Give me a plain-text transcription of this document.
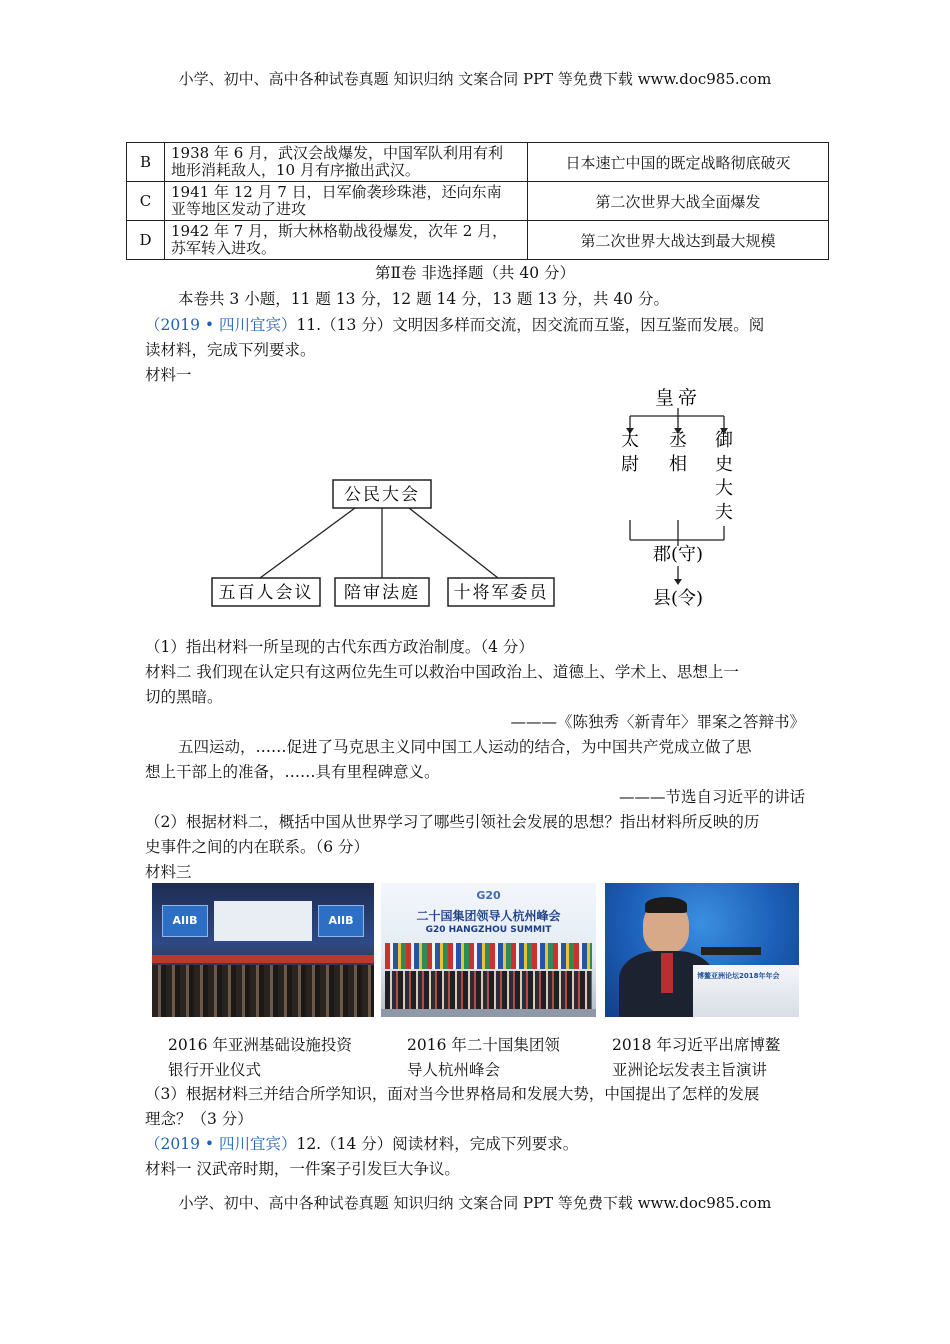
小学、初中、高中各种试卷真题 知识归纳 文案合同 PPT 等免费下载 www.doc985.com
B	1938 年 6 月，武汉会战爆发，中国军队利用有利
地形消耗敌人，10 月有序撤出武汉。	日本速亡中国的既定战略彻底破灭
C	1941 年 12 月 7 日，日军偷袭珍珠港，还向东南
亚等地区发动了进攻	第二次世界大战全面爆发
D	1942 年 7 月，斯大林格勒战役爆发，次年 2 月，
苏军转入进攻。	第二次世界大战达到最大规模
第Ⅱ卷 非选择题（共 40 分）
本卷共 3 小题，11 题 13 分，12 题 14 分，13 题 13 分，共 40 分。
（2019 • 四川宜宾）11.（13 分）文明因多样而交流，因交流而互鉴，因互鉴而发展。阅
读材料，完成下列要求。
材料一
公民大会
五百人会议 陪审法庭 十将军委员
皇帝
太
尉
丞
相
御
史
大
夫
郡(守)
县(令)
（1）指出材料一所呈现的古代东西方政治制度。（4 分）
材料二 我们现在认定只有这两位先生可以救治中国政治上、道德上、学术上、思想上一
切的黑暗。
———《陈独秀〈新青年〉罪案之答辩书》
五四运动，……促进了马克思主义同中国工人运动的结合，为中国共产党成立做了思
想上干部上的准备，……具有里程碑意义。
———节选自习近平的讲话
（2）根据材料二，概括中国从世界学习了哪些引领社会发展的思想？指出材料所反映的历
史事件之间的内在联系。（6 分）
材料三
AIIB	AIIB
G20
二十国集团领导人杭州峰会
G20 HANGZHOU SUMMIT
博鳌亚洲论坛2018年年会
2016 年亚洲基础设施投资
银行开业仪式
2016 年二十国集团领
导人杭州峰会
2018 年习近平出席博鳌
亚洲论坛发表主旨演讲
（3）根据材料三并结合所学知识，面对当今世界格局和发展大势，中国提出了怎样的发展
理念？（3 分）
（2019 • 四川宜宾）12.（14 分）阅读材料，完成下列要求。
材料一 汉武帝时期，一件案子引发巨大争议。
小学、初中、高中各种试卷真题 知识归纳 文案合同 PPT 等免费下载 www.doc985.com
